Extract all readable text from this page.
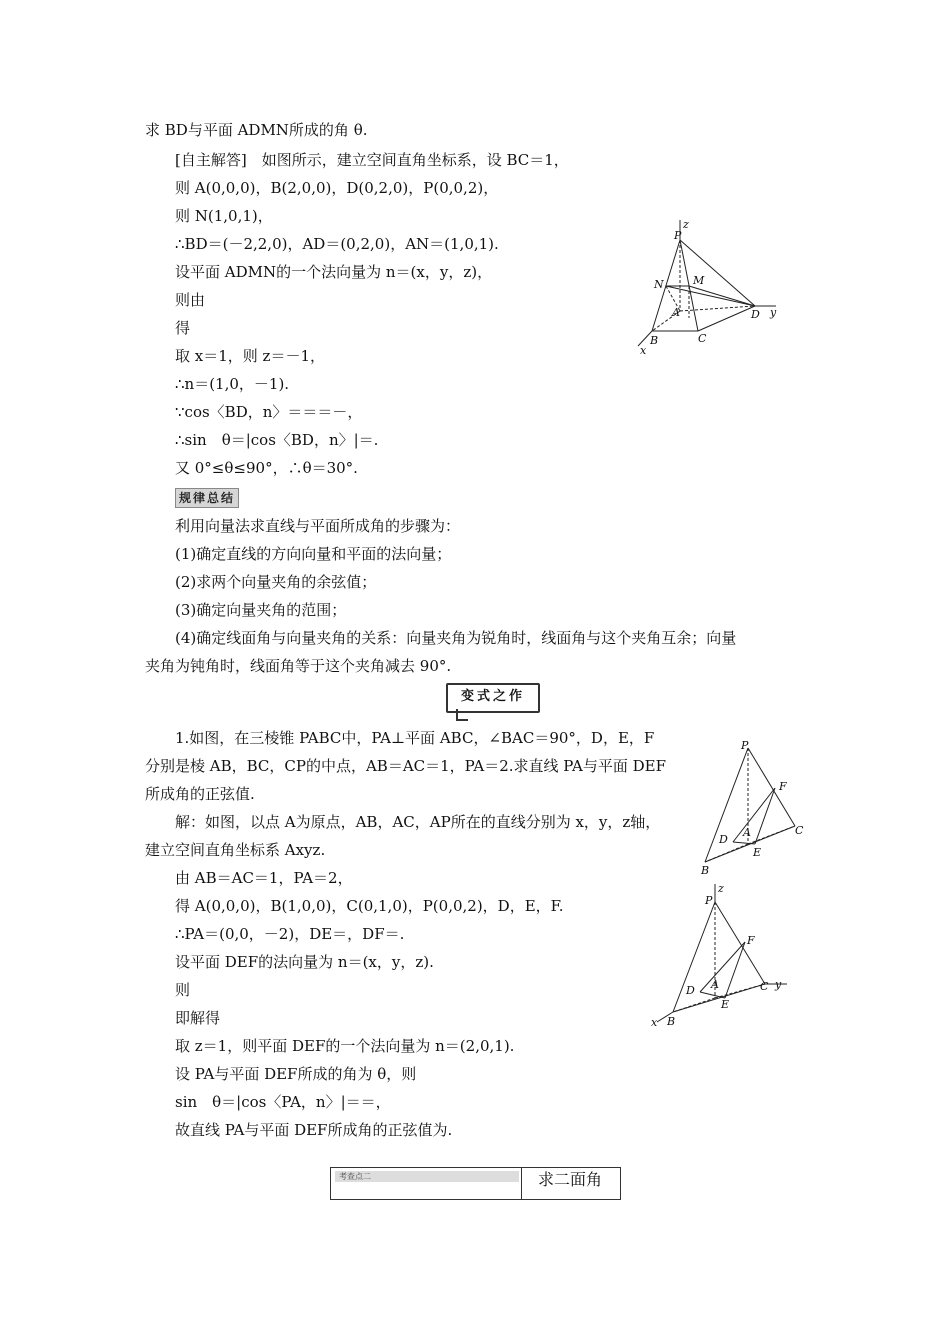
求 BD与平面 ADMN所成的角 θ.
[自主解答]　如图所示，建立空间直角坐标系，设 BC＝1，
则 A(0,0,0)，B(2,0,0)，D(0,2,0)，P(0,0,2)，
则 N(1,0,1)，
∴BD＝(－2,2,0)，AD＝(0,2,0)，AN＝(1,0,1).
设平面 ADMN的一个法向量为 n＝(x，y，z)，
则由
得
取 x＝1，则 z＝－1，
∴n＝(1,0，－1).
∵cos〈BD，n〉＝＝＝－，
∴sin　θ＝|cos〈BD，n〉|＝.
又 0°≤θ≤90°，∴θ＝30°.
规律总结
利用向量法求直线与平面所成角的步骤为：
(1)确定直线的方向向量和平面的法向量；
(2)求两个向量夹角的余弦值；
(3)确定向量夹角的范围；
(4)确定线面角与向量夹角的关系：向量夹角为锐角时，线面角与这个夹角互余；向量
夹角为钝角时，线面角等于这个夹角减去 90°.
变式之作
1.如图，在三棱锥 PABC中，PA⊥平面 ABC，∠BAC＝90°，D，E，F
分别是棱 AB，BC，CP的中点，AB＝AC＝1，PA＝2.求直线 PA与平面 DEF
所成角的正弦值.
解：如图，以点 A为原点，AB，AC，AP所在的直线分别为 x，y，z轴，
建立空间直角坐标系 Axyz.
由 AB＝AC＝1，PA＝2，
得 A(0,0,0)，B(1,0,0)，C(0,1,0)，P(0,0,2)，D，E，F.
∴PA＝(0,0，－2)，DE＝，DF＝.
设平面 DEF的法向量为 n＝(x，y，z).
则
即解得
取 z＝1，则平面 DEF的一个法向量为 n＝(2,0,1).
设 PA与平面 DEF所成的角为 θ，则
sin　θ＝|cos〈PA，n〉|＝＝，
故直线 PA与平面 DEF所成角的正弦值为.
考查点二	求二面角
P
z
N	M
A	D y
B	C
x
P
F
D
A	C
E
B
z
P
F
D A	C y
E
x B
